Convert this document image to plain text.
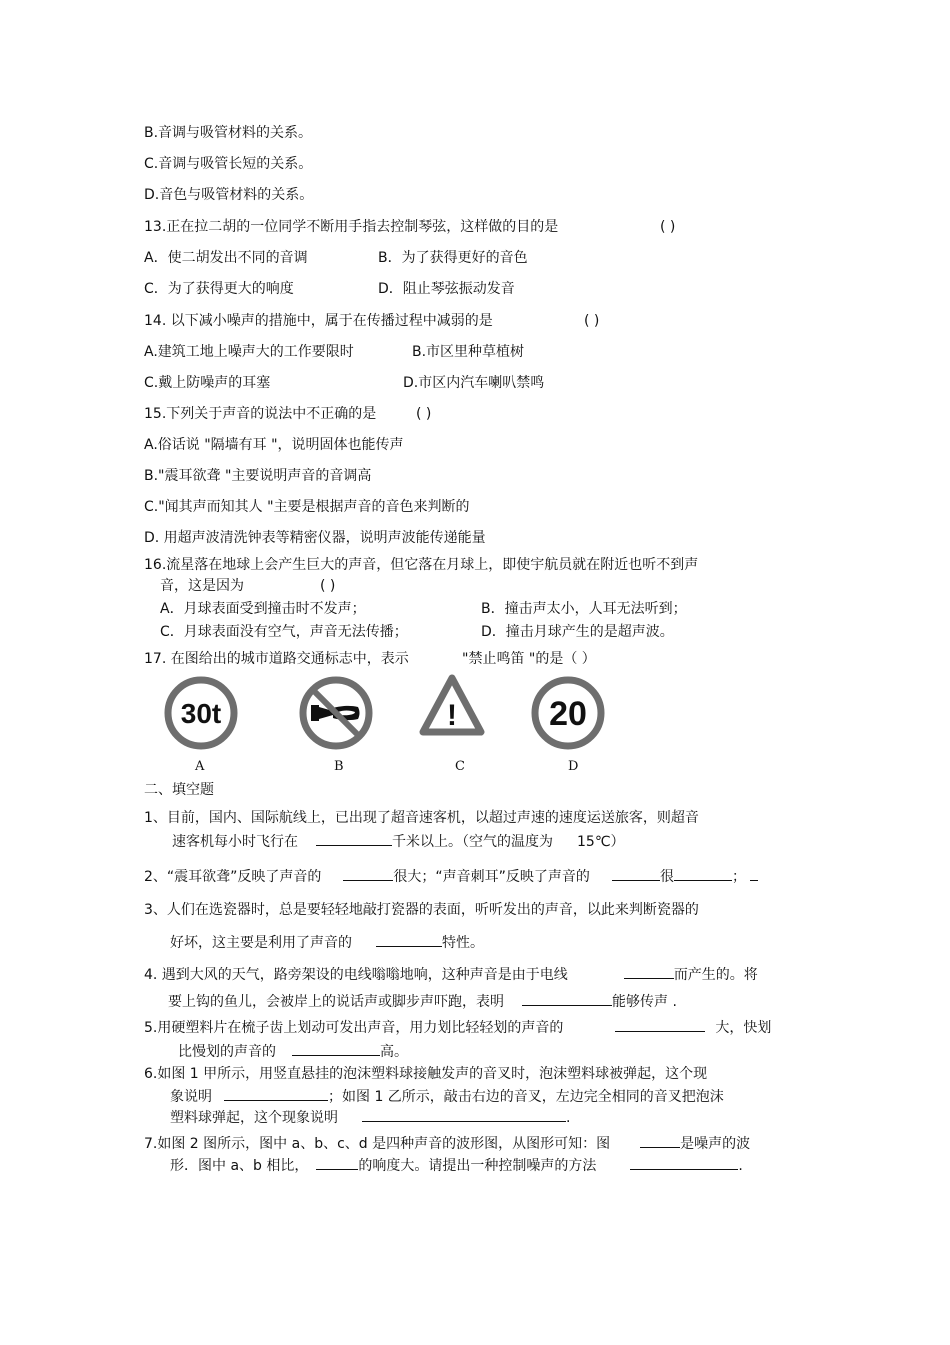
B.音调与吸管材料的关系。
C.音调与吸管长短的关系。
D.音色与吸管材料的关系。
13.正在拉二胡的一位同学不断用手指去控制琴弦，这样做的目的是	( )
A．使二胡发出不同的音调	B．为了获得更好的音色
C．为了获得更大的响度	D．阻止琴弦振动发音
14. 以下减小噪声的措施中，属于在传播过程中减弱的是	( )
A.建筑工地上噪声大的工作要限时	B.市区里种草植树
C.戴上防噪声的耳塞	D.市区内汽车喇叭禁鸣
15.下列关于声音的说法中不正确的是	( )
A.俗话说 "隔墙有耳 "，说明固体也能传声
B."震耳欲聋 "主要说明声音的音调高
C."闻其声而知其人 "主要是根据声音的音色来判断的
D. 用超声波清洗钟表等精密仪器，说明声波能传递能量
16.流星落在地球上会产生巨大的声音，但它落在月球上，即使宇航员就在附近也听不到声
音，这是因为	( )
A．月球表面受到撞击时不发声；	B．撞击声太小，人耳无法听到；
C．月球表面没有空气，声音无法传播；	D．撞击月球产生的是超声波。
17. 在图给出的城市道路交通标志中，表示	"禁止鸣笛 "的是（ ）
30t	!	20
A	B	C	D
二、填空题
1、目前，国内、国际航线上，已出现了超音速客机，以超过声速的速度运送旅客，则超音
速客机每小时飞行在	千米以上。（空气的温度为 15℃）
2、“震耳欲聋”反映了声音的	很大；“声音刺耳”反映了声音的	很	；
3、人们在选瓷器时，总是要轻轻地敲打瓷器的表面，听听发出的声音，以此来判断瓷器的
好坏，这主要是利用了声音的	特性。
4. 遇到大风的天气，路旁架设的电线嗡嗡地响，这种声音是由于电线	而产生的。将
要上钩的鱼儿，会被岸上的说话声或脚步声吓跑，表明	能够传声 .
5.用硬塑料片在梳子齿上划动可发出声音，用力划比轻轻划的声音的	大，快划
比慢划的声音的	高。
6.如图 1 甲所示，用竖直悬挂的泡沫塑料球接触发声的音叉时，泡沫塑料球被弹起，这个现
象说明	；如图 1 乙所示，敲击右边的音叉，左边完全相同的音叉把泡沫
塑料球弹起，这个现象说明	.
7.如图 2 图所示，图中 a、b、c、d 是四种声音的波形图，从图形可知：图	是噪声的波
形．图中 a、b 相比，	的响度大。请提出一种控制噪声的方法	.
